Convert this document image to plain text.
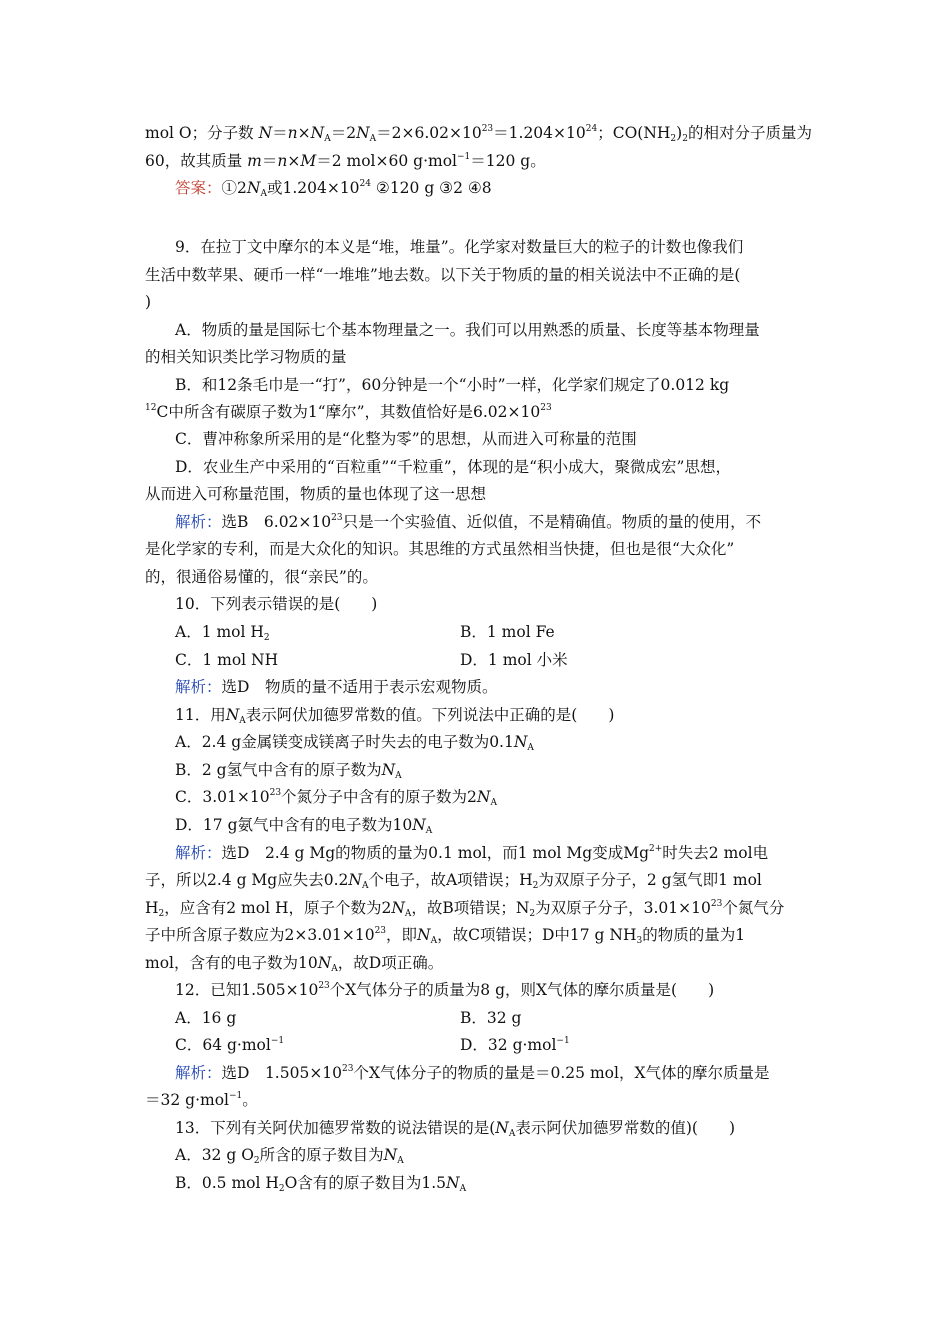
mol O；分子数 $N=n\times N_A=2N_A=2\times 6.02\times 10^{23}=1.204\times 10^{24}$；$CO(NH_2)_2$的相对分子质量为
60，故其质量 m＝n×M＝2 mol×60 g·mol$^{-1}$＝120 g。
答案：$①2N_A$或$1.204\times 10^{24}$ ②120 g ③2 ④8
9．在拉丁文中摩尔的本义是“堆，堆量”。化学家对数量巨大的粒子的计数也像我们
生活中数苹果、硬币一样“一堆堆”地去数。以下关于物质的量的相关说法中不正确的是(
)
A．物质的量是国际七个基本物理量之一。我们可以用熟悉的质量、长度等基本物理量
的相关知识类比学习物质的量
B．和12条毛巾是一“打”，60分钟是一个“小时”一样，化学家们规定了0.012 kg
$^{12}$C中所含有碳原子数为1“摩尔”，其数值恰好是$6.02\times 10^{23}$
C．曹冲称象所采用的是“化整为零”的思想，从而进入可称量的范围
D．农业生产中采用的“百粒重”“千粒重”，体现的是“积小成大，聚微成宏”思想，
从而进入可称量范围，物质的量也体现了这一思想
解析：选B　$6.02\times 10^{23}$只是一个实验值、近似值，不是精确值。物质的量的使用，不
是化学家的专利，而是大众化的知识。其思维的方式虽然相当快捷，但也是很“大众化”
的，很通俗易懂的，很“亲民”的。
10．下列表示错误的是(　　)
A．1 mol $H_2$	B．1 mol Fe
C．1 mol NH	D．1 mol 小米
解析：选D　物质的量不适用于表示宏观物质。
11．用$N_A$表示阿伏加德罗常数的值。下列说法中正确的是(　　)
A．2.4 g金属镁变成镁离子时失去的电子数为$0.1N_A$
B．2 g氢气中含有的原子数为$N_A$
C．$3.01\times 10^{23}$个氮分子中含有的原子数为$2N_A$
D．17 g氨气中含有的电子数为$10N_A$
解析：选D　2.4 g Mg的物质的量为0.1 mol，而1 mol Mg变成$Mg^{2+}$时失去2 mol电
子，所以2.4 g Mg应失去$0.2N_A$个电子，故A项错误；$H_2$为双原子分子，2 g氢气即1 mol
$H_2$，应含有2 mol H，原子个数为$2N_A$，故B项错误；$N_2$为双原子分子，$3.01\times 10^{23}$个氮气分
子中所含原子数应为$2\times 3.01\times 10^{23}$，即$N_A$，故C项错误；D中17 g $NH_3$的物质的量为1
mol，含有的电子数为$10N_A$，故D项正确。
12．已知$1.505\times 10^{23}$个X气体分子的质量为8 g，则X气体的摩尔质量是(　　)
A．16 g	B．32 g
C．64 g·mol$^{-1}$	D．32 g·mol$^{-1}$
解析：选D　$1.505\times 10^{23}$个X气体分子的物质的量是＝0.25 mol，X气体的摩尔质量是
＝32 g·mol$^{-1}$。
13．下列有关阿伏加德罗常数的说法错误的是($N_A$表示阿伏加德罗常数的值)(　　)
A．32 g $O_2$所含的原子数目为$N_A$
B．0.5 mol $H_2O$含有的原子数目为$1.5N_A$
